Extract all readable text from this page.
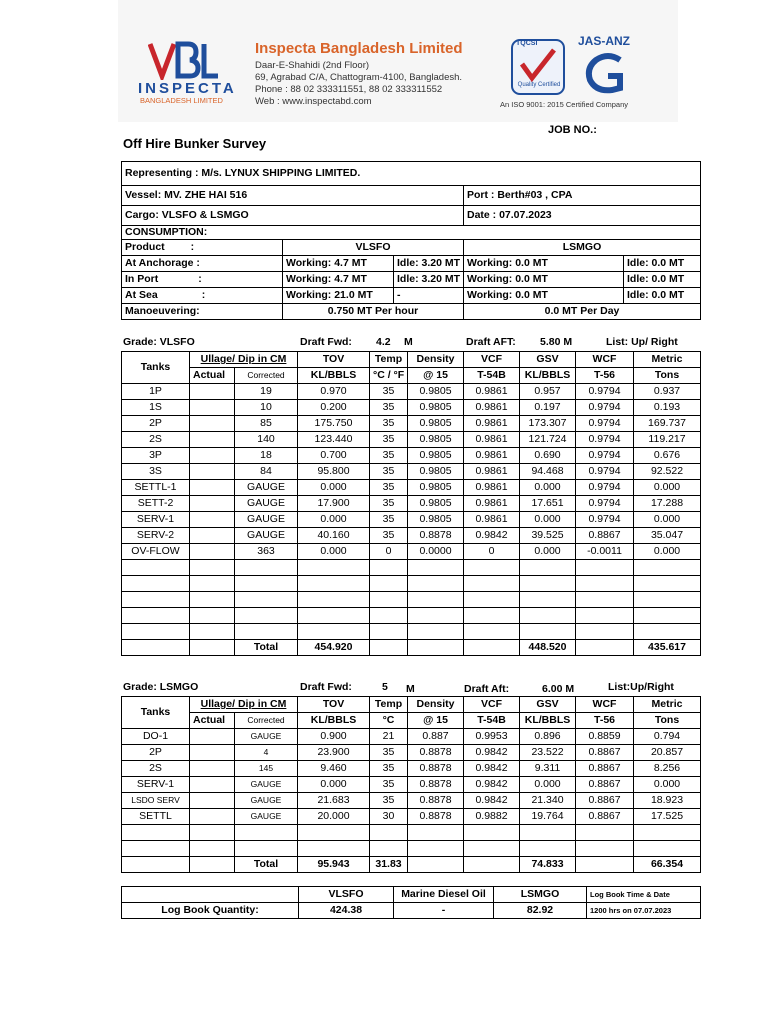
INSPECTA
BANGLADESH LIMITED
Inspecta Bangladesh Limited
Daar-E-Shahidi (2nd Floor)
69, Agrabad C/A, Chattogram-4100, Bangladesh.
Phone : 88 02 333311551, 88 02 333311552
Web : www.inspectabd.com
TQCSI
Quality Certified
JAS-ANZ
An ISO 9001: 2015 Certified Company
JOB NO.:
Off Hire Bunker Survey
Representing : M/s. LYNUX SHIPPING LIMITED.				
Vessel: MV. ZHE HAI 516			Port : Berth#03 , CPA	
Cargo: VLSFO & LSMGO			Date : 07.07.2023	
CONSUMPTION:				
Product :	VLSFO		LSMGO	
At Anchorage :	Working: 4.7 MT	Idle: 3.20 MT	Working: 0.0 MT	Idle: 0.0 MT
In Port :	Working: 4.7 MT	Idle: 3.20 MT	Working: 0.0 MT	Idle: 0.0 MT
At Sea :	Working: 21.0 MT	-	Working: 0.0 MT	Idle: 0.0 MT
Manoeuvering:	0.750 MT Per hour		0.0 MT Per Day	
Grade: VLSFO	Draft Fwd: 4.2 M	Draft AFT: 5.80 M	List: Up/ Right
Tanks	Ullage/ Dip in CM		TOV	Temp	Density	VCF	GSV	WCF	Metric
	Actual	Corrected	KL/BBLS	°C / °F	@ 15	T-54B	KL/BBLS	T-56	Tons
1P		19	0.970	35	0.9805	0.9861	0.957	0.9794	0.937
1S		10	0.200	35	0.9805	0.9861	0.197	0.9794	0.193
2P		85	175.750	35	0.9805	0.9861	173.307	0.9794	169.737
2S		140	123.440	35	0.9805	0.9861	121.724	0.9794	119.217
3P		18	0.700	35	0.9805	0.9861	0.690	0.9794	0.676
3S		84	95.800	35	0.9805	0.9861	94.468	0.9794	92.522
SETTL-1		GAUGE	0.000	35	0.9805	0.9861	0.000	0.9794	0.000
SETT-2		GAUGE	17.900	35	0.9805	0.9861	17.651	0.9794	17.288
SERV-1		GAUGE	0.000	35	0.9805	0.9861	0.000	0.9794	0.000
SERV-2		GAUGE	40.160	35	0.8878	0.9842	39.525	0.8867	35.047
OV-FLOW		363	0.000	0	0.0000	0	0.000	-0.0011	0.000

		Total	454.920				448.520		435.617
Grade: LSMGO	Draft Fwd:	5 M	Draft Aft:	6.00 M	List:Up/Right
Tanks	Ullage/ Dip in CM		TOV	Temp	Density	VCF	GSV	WCF	Metric
	Actual	Corrected	KL/BBLS	°C	@ 15	T-54B	KL/BBLS	T-56	Tons
DO-1		GAUGE	0.900	21	0.887	0.9953	0.896	0.8859	0.794
2P		4	23.900	35	0.8878	0.9842	23.522	0.8867	20.857
2S		145	9.460	35	0.8878	0.9842	9.311	0.8867	8.256
SERV-1		GAUGE	0.000	35	0.8878	0.9842	0.000	0.8867	0.000
LSDO SERV		GAUGE	21.683	35	0.8878	0.9842	21.340	0.8867	18.923
SETTL		GAUGE	20.000	30	0.8878	0.9882	19.764	0.8867	17.525

		Total	95.943	31.83			74.833		66.354
	VLSFO	Marine Diesel Oil	LSMGO	Log Book Time & Date
Log Book Quantity:	424.38	-	82.92	1200 hrs on 07.07.2023
